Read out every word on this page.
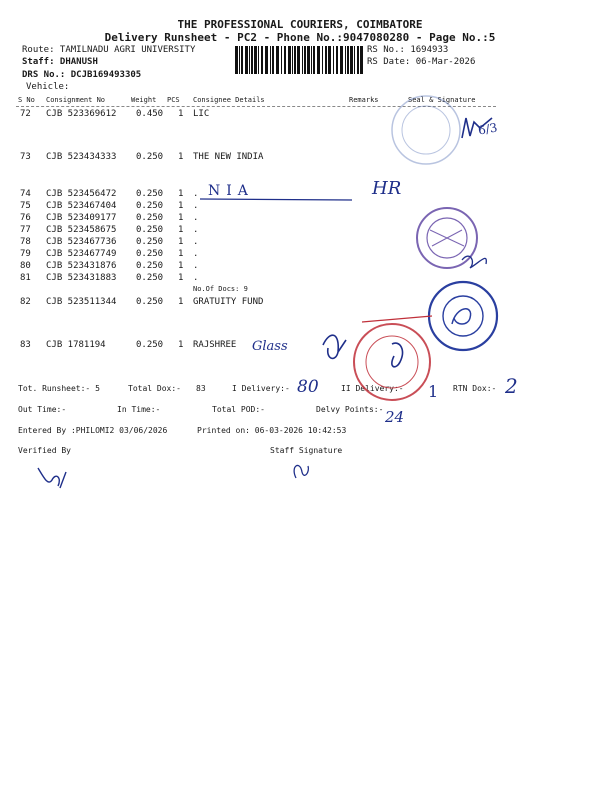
THE PROFESSIONAL COURIERS, COIMBATORE
Delivery Runsheet - PC2 - Phone No.:9047080280 - Page No.:5
Route: TAMILNADU AGRI UNIVERSITY
Staff: DHANUSH
DRS No.: DCJB169493305
Vehicle:
RS No.: 1694933
RS Date: 06-Mar-2026
S No Consignment No	Weight PCS Consignee Details	Remarks	Seal & Signature
72 CJB 523369612 0.450 1 LIC
73 CJB 523434333 0.250 1 THE NEW INDIA
74 CJB 523456472 0.250 1 .
75 CJB 523467404 0.250 1 .
76 CJB 523409177 0.250 1 .
77 CJB 523458675 0.250 1 .
78 CJB 523467736 0.250 1 .
79 CJB 523467749 0.250 1 .
80 CJB 523431876 0.250 1 .
81 CJB 523431883 0.250 1 .
82 CJB 523511344 0.250 1 GRATUITY FUND
83 CJB 1781194	0.250 1 RAJSHREE
No.Of Docs: 9
Tot. Runsheet:- 5	Total Dox:- 83	I Delivery:-	II Delivery:-	RTN Dox:-
Out Time:-	In Time:-	Total POD:-	Delvy Points:-
Entered By :PHILOMI2 03/06/2026	Printed on: 06-03-2026 10:42:53
Verified By	Staff Signature
6/3
NIA	HR
Glass
80	1	2
24
